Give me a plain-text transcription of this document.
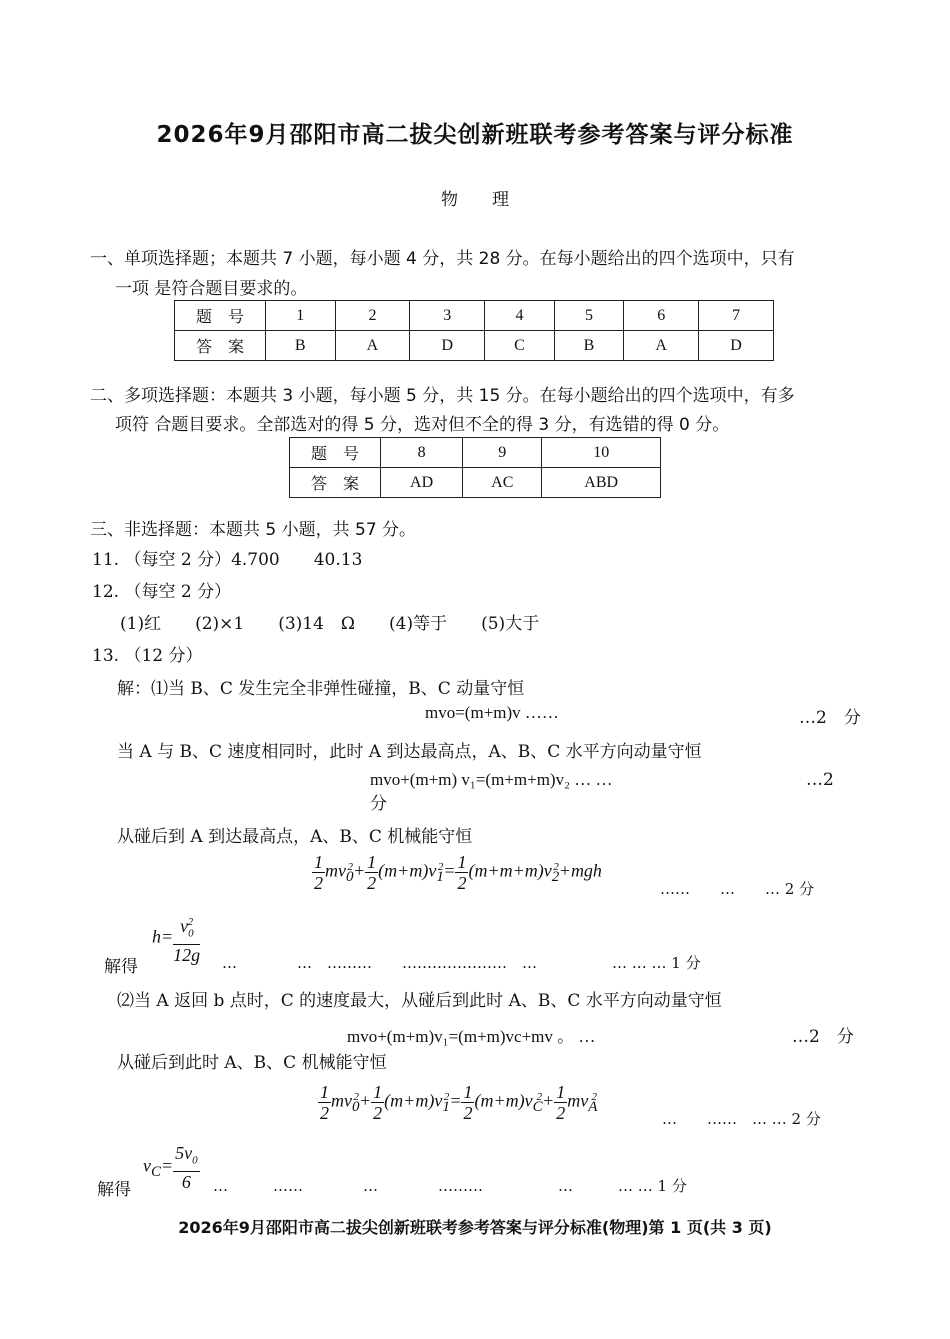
2026年9月邵阳市高二拔尖创新班联考参考答案与评分标准
物　　理
一、单项选择题；本题共 7 小题，每小题 4 分，共 28 分。在每小题给出的四个选项中，只有
一项 是符合题目要求的。
题　号	1	2	3	4	5	6	7
答　案	B	A	D	C	B	A	D
二、多项选择题：本题共 3 小题，每小题 5 分，共 15 分。在每小题给出的四个选项中，有多
项符 合题目要求。全部选对的得 5 分，选对但不全的得 3 分，有选错的得 0 分。
题　号	8	9	10
答　案	AD	AC	ABD
三、非选择题：本题共 5 小题，共 57 分。
11. （每空 2 分）4.700　　40.13
12. （每空 2 分）
(1)红　　(2)×1　　(3)14　Ω　　(4)等于　　(5)大于
13. （12 分）
解：⑴当 B、C 发生完全非弹性碰撞，B、C 动量守恒
mvo=(m+m)v ……	…2　分
当 A 与 B、C 速度相同时，此时 A 到达最高点，A、B、C 水平方向动量守恒
mvo+(m+m) v₁=(m+m+m)v₂ … …	…2
分
从碰后到 A 到达最高点，A、B、C 机械能守恒
$\frac{1}{2} mv_0^2+ \frac{1}{2} (m+m)v_1^2= \frac{1}{2} (m+m+m)v_2^2+mgh$
……　　…　　… 2 分
解得
$h= \frac{v_0^2}{12g}$ …　　　　…　………　　…………………　…　　　　　… … … 1 分
⑵当 A 返回 b 点时，C 的速度最大，从碰后到此时 A、B、C 水平方向动量守恒
mvo+(m+m)v₁=(m+m)vc+mv 。 …	…2　分
从碰后到此时 A、B、C 机械能守恒
$\frac{1}{2} mv_0^2+ \frac{1}{2} (m+m)v_1^2= \frac{1}{2} (m+m)v_C^2+ \frac{1}{2} mv_A^2$
…　　……　… … 2 分
解得
$v_C= \frac{5v_0}{6}$ …　　　……　　　　…　　　　………　　　　　…　　　… … 1 分
2026年9月邵阳市高二拔尖创新班联考参考答案与评分标准(物理)第 1 页(共 3 页)
